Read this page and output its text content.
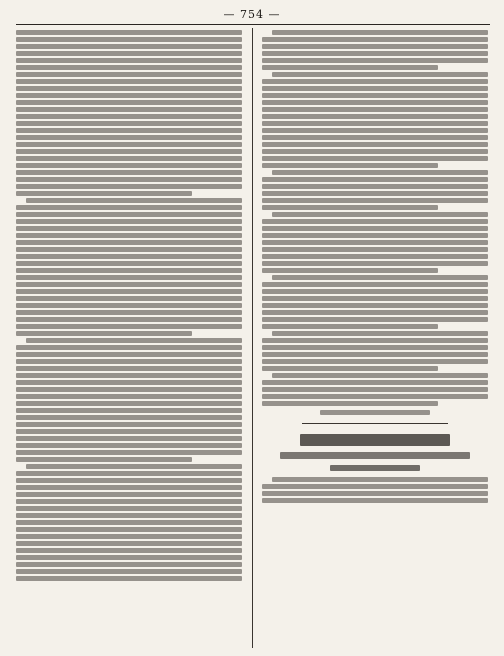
— 754 —
